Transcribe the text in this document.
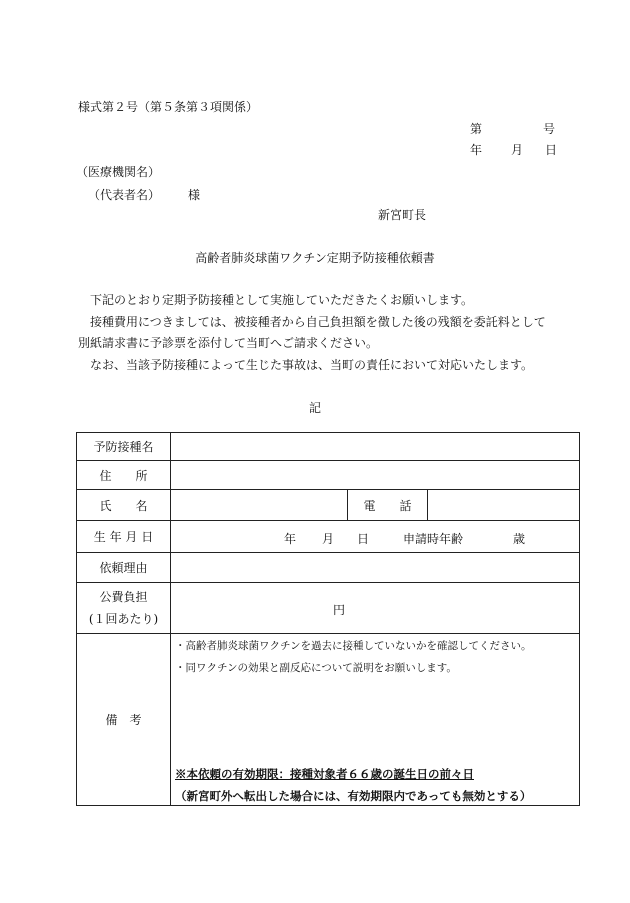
様式第２号（第５条第３項関係）
第	号
年 月 日
（医療機関名）
（代表者名） 様
新宮町長
高齢者肺炎球菌ワクチン定期予防接種依頼書
下記のとおり定期予防接種として実施していただきたくお願いします。
接種費用につきましては、被接種者から自己負担額を徴した後の残額を委託料として
別紙請求書に予診票を添付して当町へご請求ください。
なお、当該予防接種によって生じた事故は、当町の責任において対応いたします。
記
予防接種名			
住　　所			
氏　　名		電　　話	
生 年 月 日	年 月 日 申請時年齢 歳		

依頼理由			

公費負担
(１回あたり)	円		

備　考	・高齢者肺炎球菌ワクチンを過去に接種していないかを確認してください。
・同ワクチンの効果と副反応について説明をお願いします。
※本依頼の有効期限：接種対象者６６歳の誕生日の前々日
（新宮町外へ転出した場合には、有効期限内であっても無効とする）		
